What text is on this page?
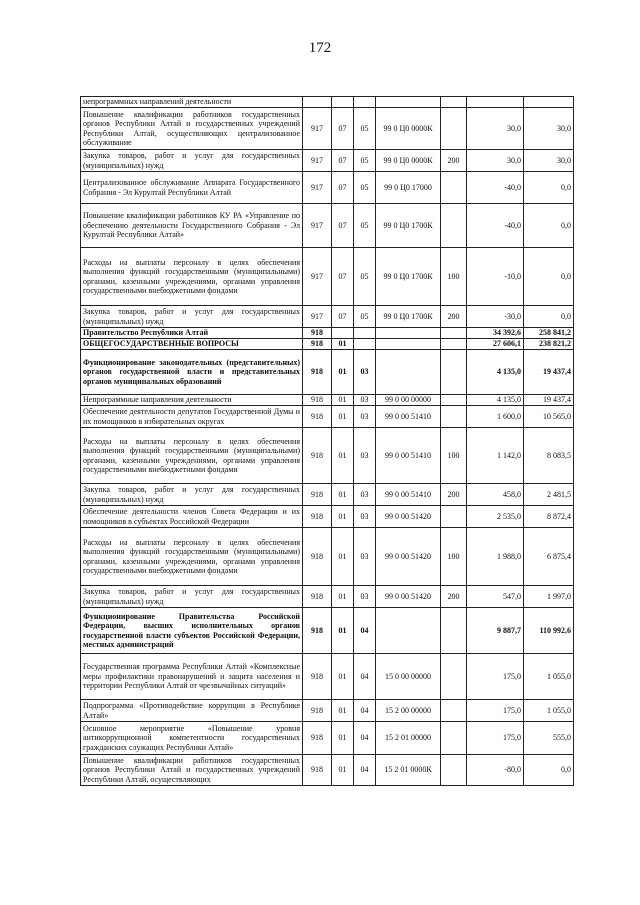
172
непрограммных направлений деятельности							
Повышение квалификации работников государственных органов Республики Алтай и государственных учреждений Республики Алтай, осуществляющих централизованное обслуживание	917	07	05	99 0 Ц0 0000К		30,0	30,0
Закупка товаров, работ и услуг для государственных (муниципальных) нужд	917	07	05	99 0 Ц0 0000К	200	30,0	30,0
Централизованное обслуживание Аппарата Государственного Собрания - Эл Курултай Республики Алтай	917	07	05	99 0 Ц0 17000		-40,0	0,0
Повышение квалификации работников КУ РА «Управление по обеспечению деятельности Государственного Собрания - Эл Курултай Республики Алтай»	917	07	05	99 0 Ц0 1700К		-40,0	0,0
Расходы на выплаты персоналу в целях обеспечения выполнения функций государственными (муниципальными) органами, казенными учреждениями, органами управления государственными внебюджетными фондами	917	07	05	99 0 Ц0 1700К	100	-10,0	0,0
Закупка товаров, работ и услуг для государственных (муниципальных) нужд	917	07	05	99 0 Ц0 1700К	200	-30,0	0,0
Правительство Республики Алтай	918					34 392,6	258 841,2
ОБЩЕГОСУДАРСТВЕННЫЕ ВОПРОСЫ	918	01				27 606,1	238 821,2
Функционирование законодательных (представительных) органов государственной власти и представительных органов муниципальных образований	918	01	03			4 135,0	19 437,4
Непрограммные направления деятельности	918	01	03	99 0 00 00000		4 135,0	19 437,4
Обеспечение деятельности депутатов Государственной Думы и их помощников в избирательных округах	918	01	03	99 0 00 51410		1 600,0	10 565,0
Расходы на выплаты персоналу в целях обеспечения выполнения функций государственными (муниципальными) органами, казенными учреждениями, органами управления государственными внебюджетными фондами	918	01	03	99 0 00 51410	100	1 142,0	8 083,5
Закупка товаров, работ и услуг для государственных (муниципальных) нужд	918	01	03	99 0 00 51410	200	458,0	2 481,5
Обеспечение деятельности членов Совета Федерации и их помощников в субъектах Российской Федерации	918	01	03	99 0 00 51420		2 535,0	8 872,4
Расходы на выплаты персоналу в целях обеспечения выполнения функций государственными (муниципальными) органами, казенными учреждениями, органами управления государственными внебюджетными фондами	918	01	03	99 0 00 51420	100	1 988,0	6 875,4
Закупка товаров, работ и услуг для государственных (муниципальных) нужд	918	01	03	99 0 00 51420	200	547,0	1 997,0
Функционирование Правительства Российской Федерации, высших исполнительных органов государственной власти субъектов Российской Федерации, местных администраций	918	01	04			9 887,7	110 992,6
Государственная программа Республики Алтай «Комплексные меры профилактики правонарушений и защита населения и территории Республики Алтай от чрезвычайных ситуаций»	918	01	04	15 0 00 00000		175,0	1 055,0
Подпрограмма «Противодействие коррупции в Республике Алтай»	918	01	04	15 2 00 00000		175,0	1 055,0
Основное мероприятие «Повышение уровня антикоррупционной компетентности государственных гражданских служащих Республики Алтай»	918	01	04	15 2 01 00000		175,0	555,0
Повышение квалификации работников государственных органов Республики Алтай и государственных учреждений Республики Алтай, осуществляющих	918	01	04	15 2 01 0000К		-80,0	0,0
